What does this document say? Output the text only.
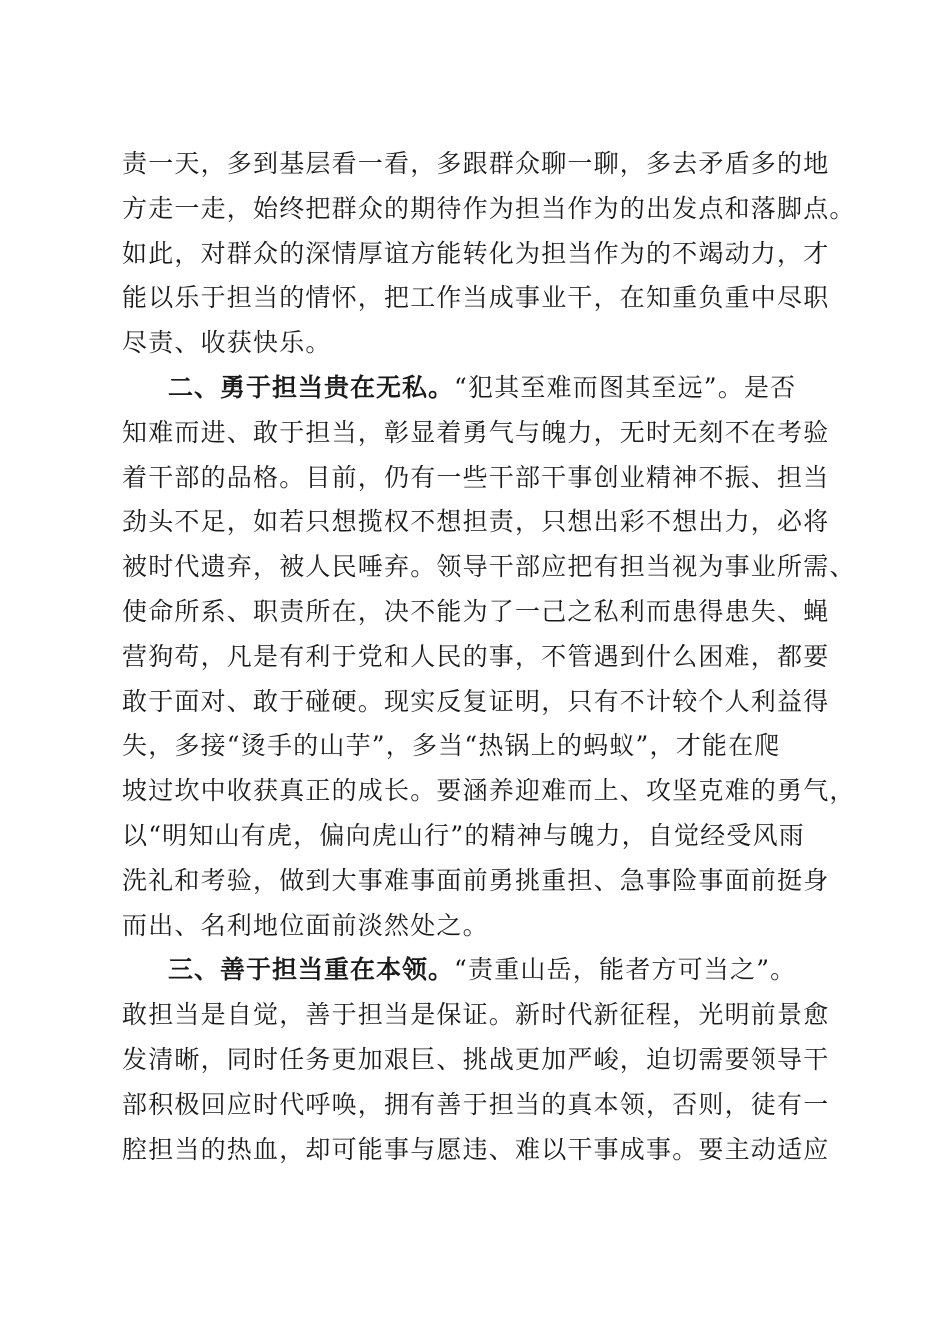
责一天，多到基层看一看，多跟群众聊一聊，多去矛盾多的地
方走一走，始终把群众的期待作为担当作为的出发点和落脚点。
如此，对群众的深情厚谊方能转化为担当作为的不竭动力，才
能以乐于担当的情怀，把工作当成事业干，在知重负重中尽职
尽责、收获快乐。
二、勇于担当贵在无私。“犯其至难而图其至远”。是否
知难而进、敢于担当，彰显着勇气与魄力，无时无刻不在考验
着干部的品格。目前，仍有一些干部干事创业精神不振、担当
劲头不足，如若只想揽权不想担责，只想出彩不想出力，必将
被时代遗弃，被人民唾弃。领导干部应把有担当视为事业所需、
使命所系、职责所在，决不能为了一己之私利而患得患失、蝇
营狗苟，凡是有利于党和人民的事，不管遇到什么困难，都要
敢于面对、敢于碰硬。现实反复证明，只有不计较个人利益得
失，多接“烫手的山芋”，多当“热锅上的蚂蚁”，才能在爬
坡过坎中收获真正的成长。要涵养迎难而上、攻坚克难的勇气，
以“明知山有虎，偏向虎山行”的精神与魄力，自觉经受风雨
洗礼和考验，做到大事难事面前勇挑重担、急事险事面前挺身
而出、名利地位面前淡然处之。
三、善于担当重在本领。“责重山岳，能者方可当之”。
敢担当是自觉，善于担当是保证。新时代新征程，光明前景愈
发清晰，同时任务更加艰巨、挑战更加严峻，迫切需要领导干
部积极回应时代呼唤，拥有善于担当的真本领，否则，徒有一
腔担当的热血，却可能事与愿违、难以干事成事。要主动适应
